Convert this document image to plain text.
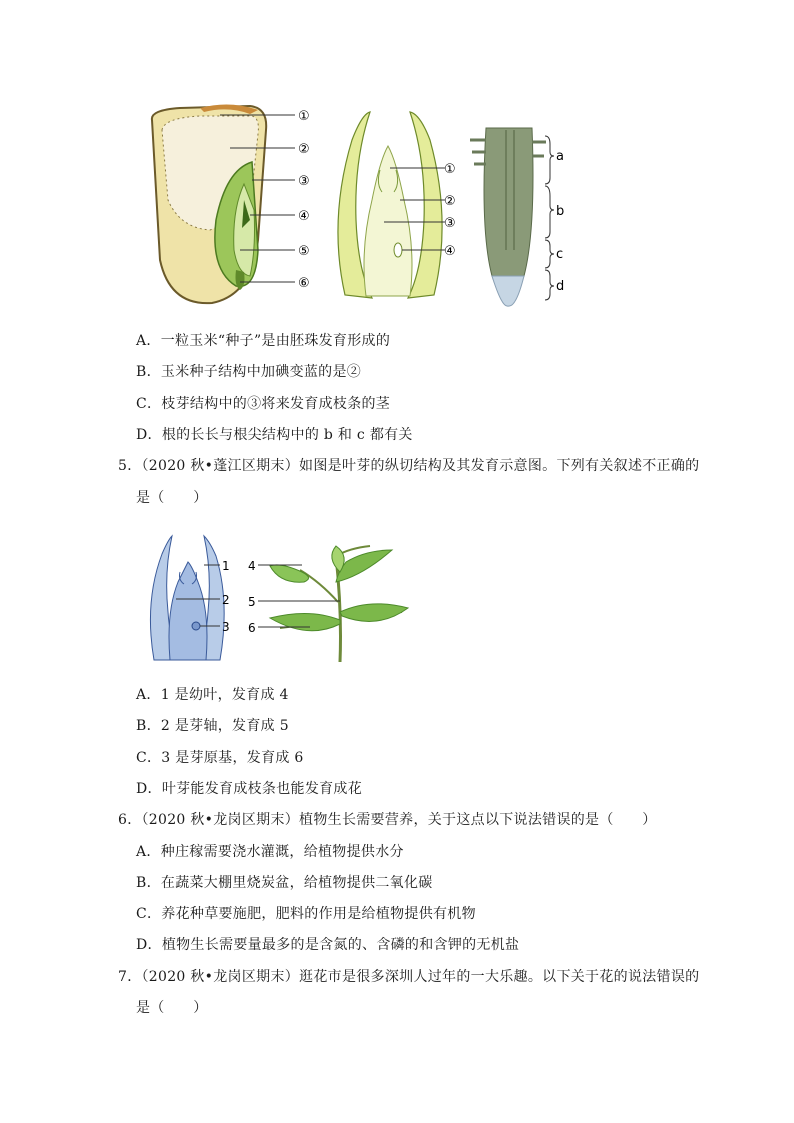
①
②
③
④
⑤
⑥
①
②
③
④
a
b
c
d
A．一粒玉米“种子”是由胚珠发育形成的
B．玉米种子结构中加碘变蓝的是②
C．枝芽结构中的③将来发育成枝条的茎
D．根的长长与根尖结构中的 b 和 c 都有关
5．（2020 秋•蓬江区期末）如图是叶芽的纵切结构及其发育示意图。下列有关叙述不正确的
是（　　）
1
2
3
4
5
6
A．1 是幼叶，发育成 4
B．2 是芽轴，发育成 5
C．3 是芽原基，发育成 6
D．叶芽能发育成枝条也能发育成花
6．（2020 秋•龙岗区期末）植物生长需要营养，关于这点以下说法错误的是（　　）
A．种庄稼需要浇水灌溉，给植物提供水分
B．在蔬菜大棚里烧炭盆，给植物提供二氧化碳
C．养花种草要施肥，肥料的作用是给植物提供有机物
D．植物生长需要量最多的是含氮的、含磷的和含钾的无机盐
7．（2020 秋•龙岗区期末）逛花市是很多深圳人过年的一大乐趣。以下关于花的说法错误的
是（　　）
